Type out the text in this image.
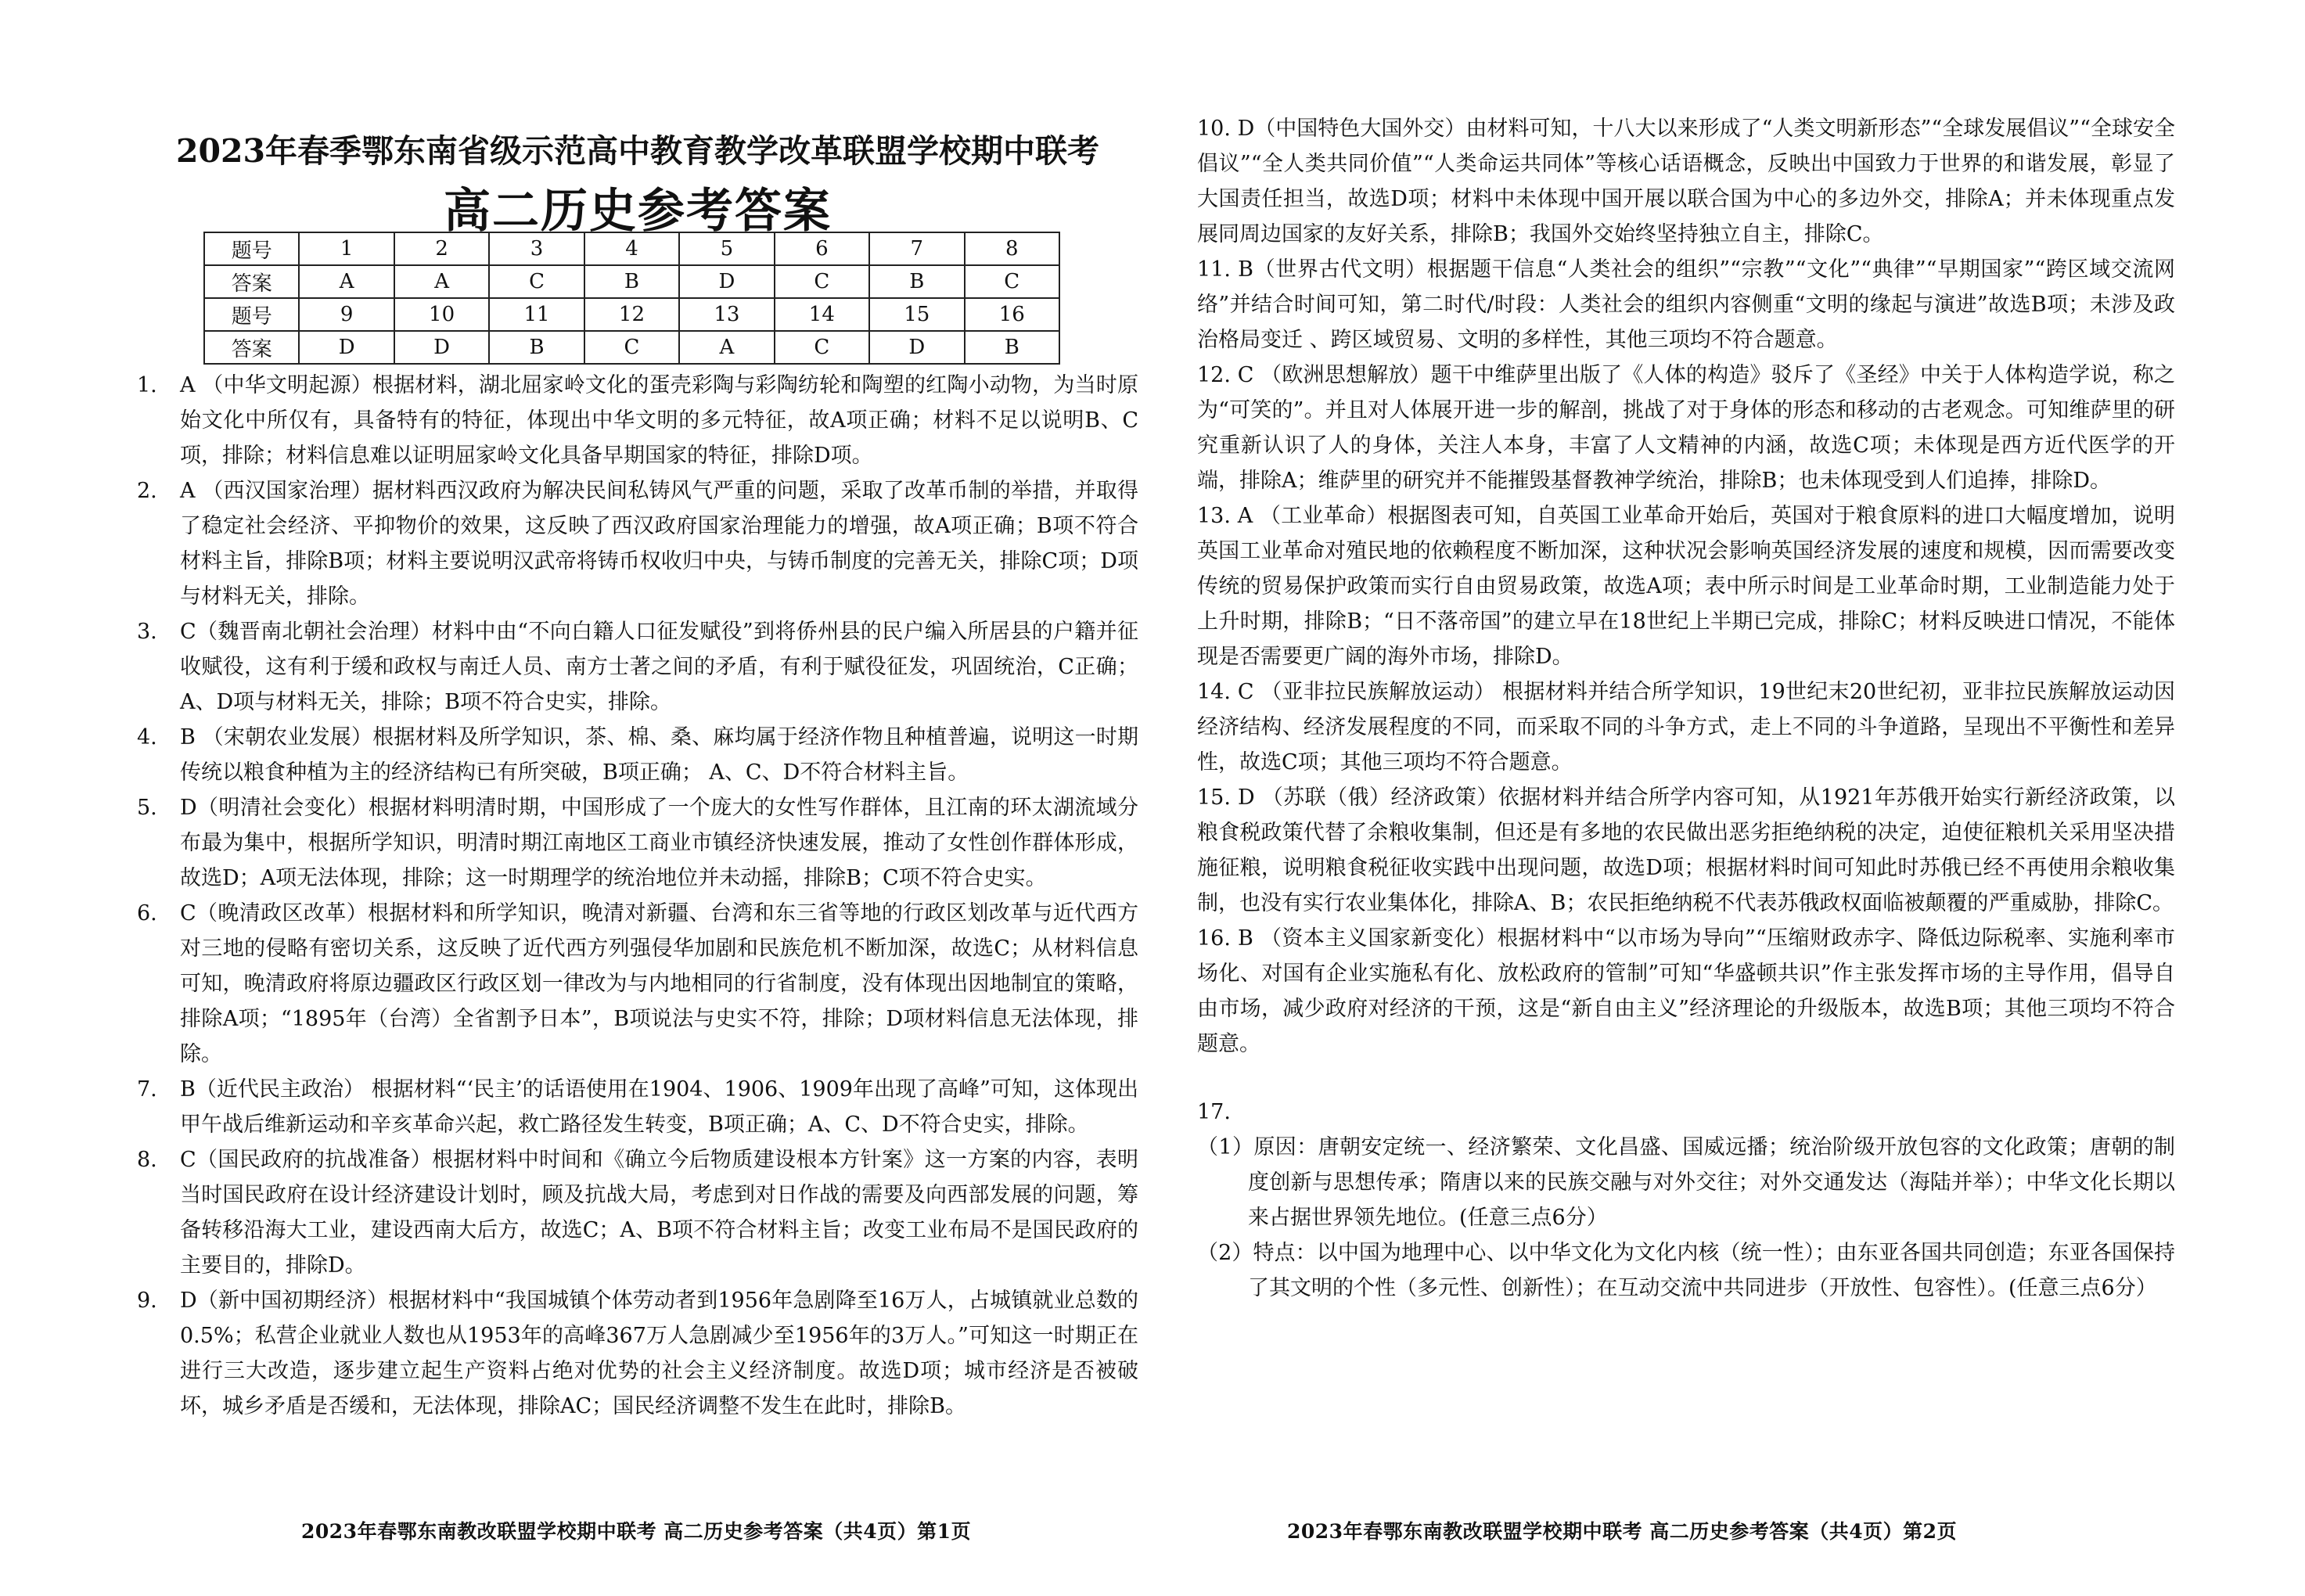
2023年春季鄂东南省级示范高中教育教学改革联盟学校期中联考
高二历史参考答案
题号	1	2	3	4	5	6	7	8
答案	A	A	C	B	D	C	B	C
题号	9	10	11	12	13	14	15	16
答案	D	D	B	C	A	C	D	B
1. A （中华文明起源）根据材料，湖北屈家岭文化的蛋壳彩陶与彩陶纺轮和陶塑的红陶小动物，为当时原始文化中所仅有，具备特有的特征，体现出中华文明的多元特征，故A项正确；材料不足以说明B、C项，排除；材料信息难以证明屈家岭文化具备早期国家的特征，排除D项。
2. A （西汉国家治理）据材料西汉政府为解决民间私铸风气严重的问题，采取了改革币制的举措，并取得了稳定社会经济、平抑物价的效果，这反映了西汉政府国家治理能力的增强，故A项正确；B项不符合材料主旨，排除B项；材料主要说明汉武帝将铸币权收归中央，与铸币制度的完善无关，排除C项；D项与材料无关，排除。
3. C（魏晋南北朝社会治理）材料中由“不向白籍人口征发赋役”到将侨州县的民户编入所居县的户籍并征收赋役，这有利于缓和政权与南迁人员、南方士著之间的矛盾，有利于赋役征发，巩固统治，C正确；A、D项与材料无关，排除；B项不符合史实，排除。
4. B （宋朝农业发展）根据材料及所学知识，茶、棉、桑、麻均属于经济作物且种植普遍，说明这一时期传统以粮食种植为主的经济结构已有所突破，B项正确； A、C、D不符合材料主旨。
5. D（明清社会变化）根据材料明清时期，中国形成了一个庞大的女性写作群体，且江南的环太湖流域分布最为集中，根据所学知识，明清时期江南地区工商业市镇经济快速发展，推动了女性创作群体形成，故选D；A项无法体现，排除；这一时期理学的统治地位并未动摇，排除B；C项不符合史实。
6. C（晚清政区改革）根据材料和所学知识，晚清对新疆、台湾和东三省等地的行政区划改革与近代西方对三地的侵略有密切关系，这反映了近代西方列强侵华加剧和民族危机不断加深，故选C；从材料信息可知，晚清政府将原边疆政区行政区划一律改为与内地相同的行省制度，没有体现出因地制宜的策略，排除A项；“1895年（台湾）全省割予日本”，B项说法与史实不符，排除；D项材料信息无法体现，排除。
7. B（近代民主政治） 根据材料“‘民主’的话语使用在1904、1906、1909年出现了高峰”可知，这体现出甲午战后维新运动和辛亥革命兴起，救亡路径发生转变，B项正确；A、C、D不符合史实，排除。
8. C（国民政府的抗战准备）根据材料中时间和《确立今后物质建设根本方针案》这一方案的内容，表明当时国民政府在设计经济建设计划时，顾及抗战大局，考虑到对日作战的需要及向西部发展的问题，筹备转移沿海大工业，建设西南大后方，故选C；A、B项不符合材料主旨；改变工业布局不是国民政府的主要目的，排除D。
9. D（新中国初期经济）根据材料中“我国城镇个体劳动者到1956年急剧降至16万人，占城镇就业总数的0.5%；私营企业就业人数也从1953年的高峰367万人急剧减少至1956年的3万人。”可知这一时期正在进行三大改造，逐步建立起生产资料占绝对优势的社会主义经济制度。故选D项；城市经济是否被破坏，城乡矛盾是否缓和，无法体现，排除AC；国民经济调整不发生在此时，排除B。
2023年春鄂东南教改联盟学校期中联考 高二历史参考答案（共4页）第1页
10. D（中国特色大国外交）由材料可知，十八大以来形成了“人类文明新形态”“全球发展倡议”“全球安全倡议”“全人类共同价值”“人类命运共同体”等核心话语概念，反映出中国致力于世界的和谐发展，彰显了大国责任担当，故选D项；材料中未体现中国开展以联合国为中心的多边外交，排除A；并未体现重点发展同周边国家的友好关系，排除B；我国外交始终坚持独立自主，排除C。
11. B（世界古代文明）根据题干信息“人类社会的组织”“宗教”“文化”“典律”“早期国家”“跨区域交流网络”并结合时间可知，第二时代/时段：人类社会的组织内容侧重“文明的缘起与演进”故选B项；未涉及政治格局变迁 、跨区域贸易、文明的多样性，其他三项均不符合题意。
12. C （欧洲思想解放）题干中维萨里出版了《人体的构造》驳斥了《圣经》中关于人体构造学说，称之为“可笑的”。并且对人体展开进一步的解剖，挑战了对于身体的形态和移动的古老观念。可知维萨里的研究重新认识了人的身体，关注人本身，丰富了人文精神的内涵，故选C项；未体现是西方近代医学的开端，排除A；维萨里的研究并不能摧毁基督教神学统治，排除B；也未体现受到人们追捧，排除D。
13. A （工业革命）根据图表可知，自英国工业革命开始后，英国对于粮食原料的进口大幅度增加，说明英国工业革命对殖民地的依赖程度不断加深，这种状况会影响英国经济发展的速度和规模，因而需要改变传统的贸易保护政策而实行自由贸易政策，故选A项；表中所示时间是工业革命时期，工业制造能力处于上升时期，排除B；“日不落帝国”的建立早在18世纪上半期已完成，排除C；材料反映进口情况，不能体现是否需要更广阔的海外市场，排除D。
14. C （亚非拉民族解放运动） 根据材料并结合所学知识，19世纪末20世纪初，亚非拉民族解放运动因经济结构、经济发展程度的不同，而采取不同的斗争方式，走上不同的斗争道路，呈现出不平衡性和差异性，故选C项；其他三项均不符合题意。
15. D （苏联（俄）经济政策）依据材料并结合所学内容可知，从1921年苏俄开始实行新经济政策，以粮食税政策代替了余粮收集制，但还是有多地的农民做出恶劣拒绝纳税的决定，迫使征粮机关采用坚决措施征粮，说明粮食税征收实践中出现问题，故选D项；根据材料时间可知此时苏俄已经不再使用余粮收集制，也没有实行农业集体化，排除A、B；农民拒绝纳税不代表苏俄政权面临被颠覆的严重威胁，排除C。
16. B （资本主义国家新变化）根据材料中“以市场为导向”“压缩财政赤字、降低边际税率、实施利率市场化、对国有企业实施私有化、放松政府的管制”可知“华盛顿共识”作主张发挥市场的主导作用，倡导自由市场，减少政府对经济的干预，这是“新自由主义”经济理论的升级版本，故选B项；其他三项均不符合题意。
17.
（1）原因：唐朝安定统一、经济繁荣、文化昌盛、国威远播；统治阶级开放包容的文化政策；唐朝的制度创新与思想传承；隋唐以来的民族交融与对外交往；对外交通发达（海陆并举）；中华文化长期以来占据世界领先地位。(任意三点6分）
（2）特点：以中国为地理中心、以中华文化为文化内核（统一性）；由东亚各国共同创造；东亚各国保持了其文明的个性（多元性、创新性）；在互动交流中共同进步（开放性、包容性）。(任意三点6分）
2023年春鄂东南教改联盟学校期中联考 高二历史参考答案（共4页）第2页
